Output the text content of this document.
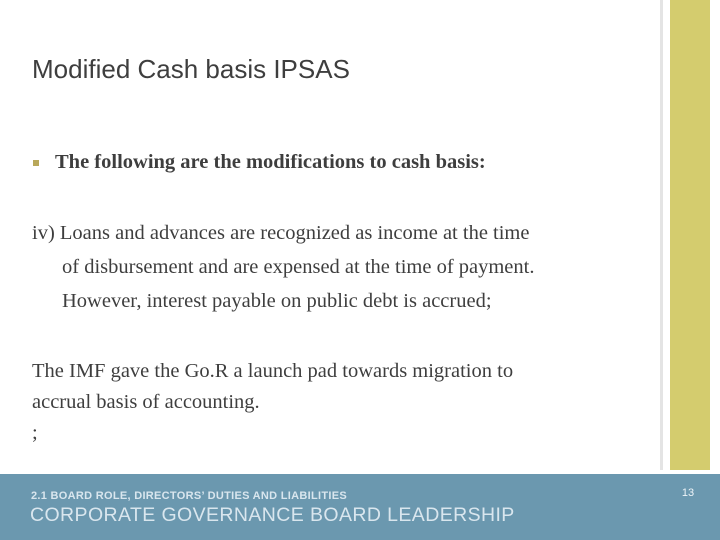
Modified Cash basis IPSAS
The following are the modifications to cash basis:
iv) Loans and advances are recognized as income at the time
of disbursement and are expensed at the time of payment.
However, interest payable on public debt is accrued;
The IMF gave the Go.R a launch pad towards migration to
accrual basis of accounting.
;
2.1 BOARD ROLE, DIRECTORS’ DUTIES AND LIABILITIES
CORPORATE GOVERNANCE BOARD LEADERSHIP
13
